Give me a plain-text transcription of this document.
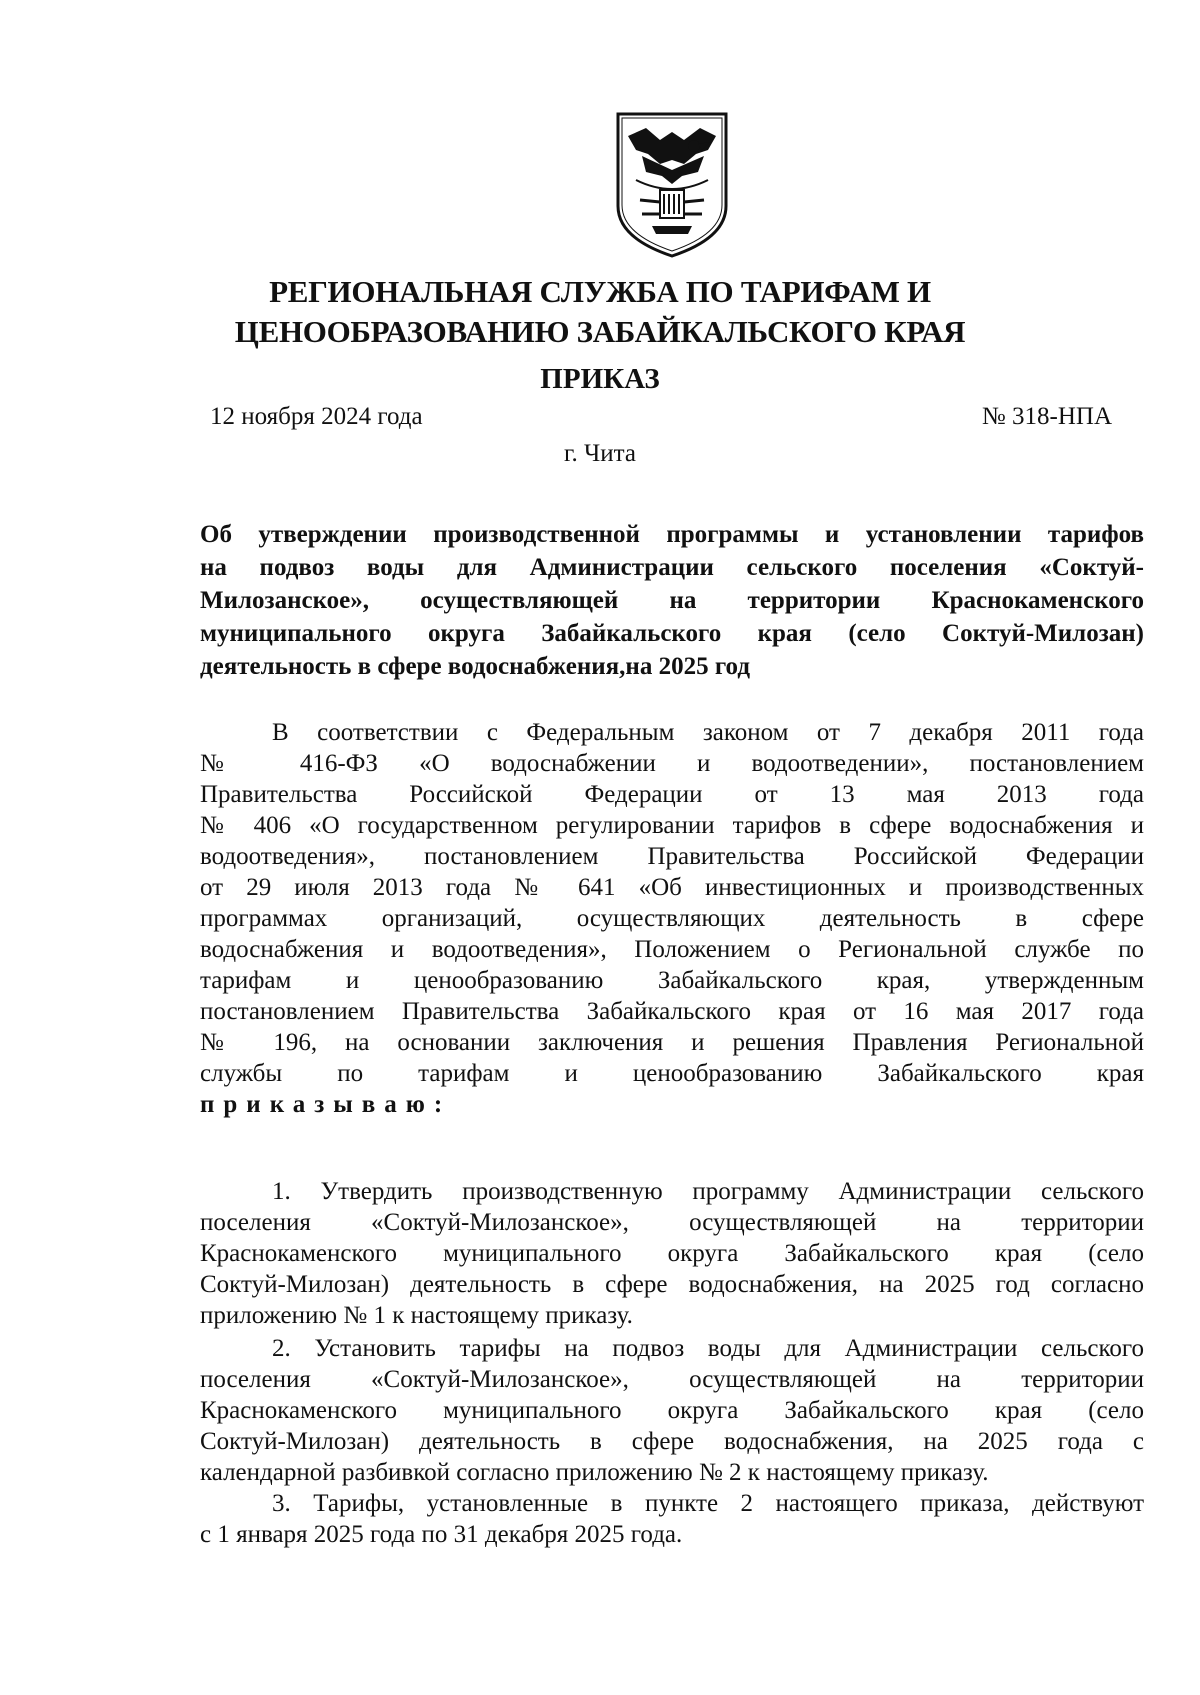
РЕГИОНАЛЬНАЯ СЛУЖБА ПО ТАРИФАМ И
ЦЕНООБРАЗОВАНИЮ ЗАБАЙКАЛЬСКОГО КРАЯ
ПРИКАЗ
12 ноября 2024 года	№ 318-НПА
г. Чита
Об утверждении производственной программы и установлении тарифов
на подвоз воды для Администрации сельского поселения «Соктуй-
Милозанское», осуществляющей на территории Краснокаменского
муниципального округа Забайкальского края (село Соктуй-Милозан)
деятельность в сфере водоснабжения,на 2025 год
В соответствии с Федеральным законом от 7 декабря 2011 года
№ 416-ФЗ «О водоснабжении и водоотведении», постановлением
Правительства Российской Федерации от 13 мая 2013 года
№ 406 «О государственном регулировании тарифов в сфере водоснабжения и
водоотведения», постановлением Правительства Российской Федерации
от 29 июля 2013 года № 641 «Об инвестиционных и производственных
программах организаций, осуществляющих деятельность в сфере
водоснабжения и водоотведения», Положением о Региональной службе по
тарифам и ценообразованию Забайкальского края, утвержденным
постановлением Правительства Забайкальского края от 16 мая 2017 года
№ 196, на основании заключения и решения Правления Региональной
службы по тарифам и ценообразованию Забайкальского края
приказываю:
1. Утвердить производственную программу Администрации сельского
поселения «Соктуй-Милозанское», осуществляющей на территории
Краснокаменского муниципального округа Забайкальского края (село
Соктуй-Милозан) деятельность в сфере водоснабжения, на 2025 год согласно
приложению № 1 к настоящему приказу.
2. Установить тарифы на подвоз воды для Администрации сельского
поселения «Соктуй-Милозанское», осуществляющей на территории
Краснокаменского муниципального округа Забайкальского края (село
Соктуй-Милозан) деятельность в сфере водоснабжения, на 2025 года с
календарной разбивкой согласно приложению № 2 к настоящему приказу.
3. Тарифы, установленные в пункте 2 настоящего приказа, действуют
с 1 января 2025 года по 31 декабря 2025 года.
